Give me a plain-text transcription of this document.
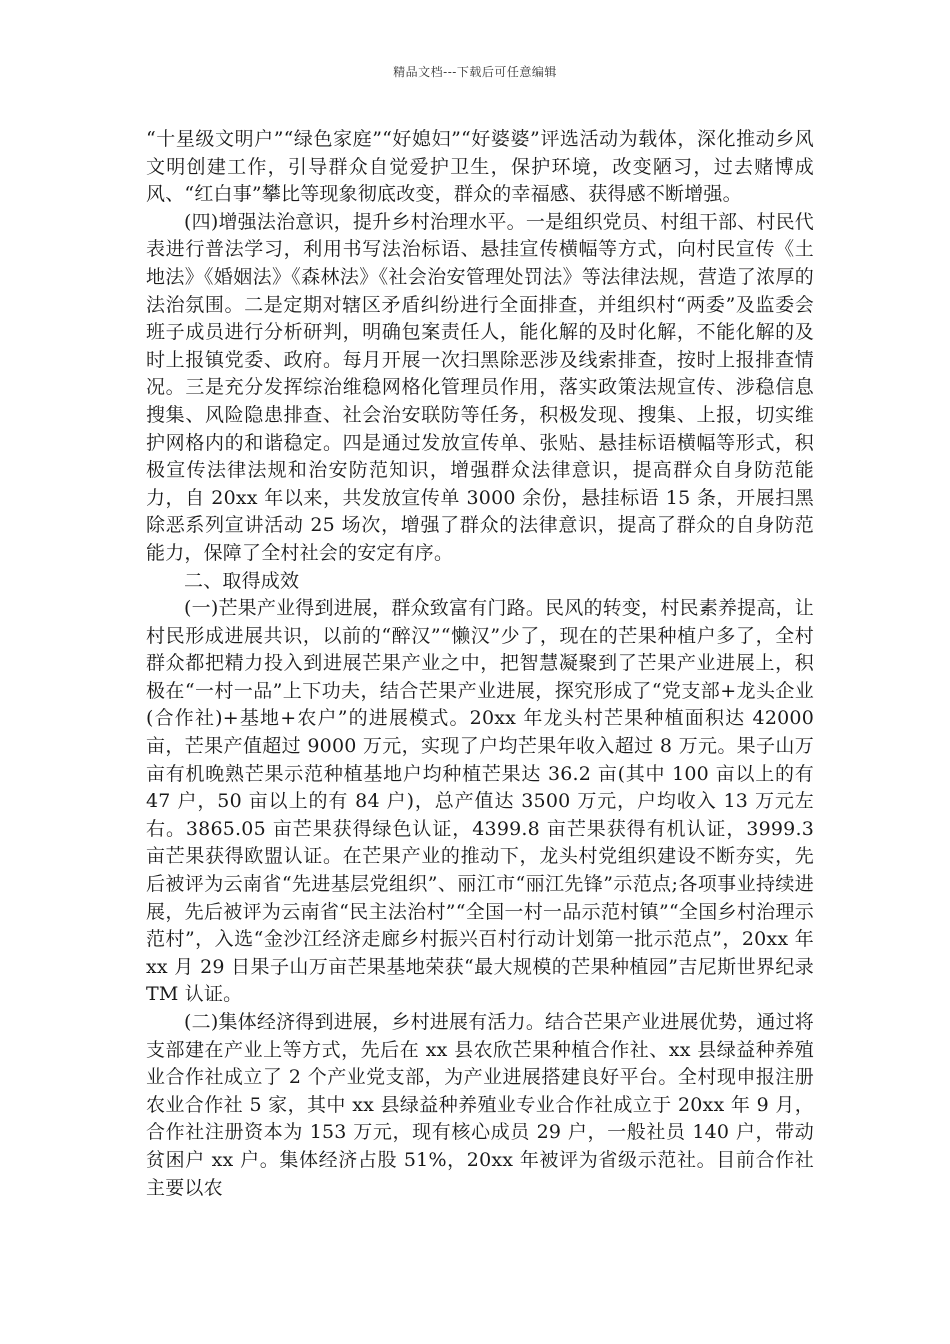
精品文档---下载后可任意编辑

“十星级文明户”“绿色家庭”“好媳妇”“好婆婆”评选活动为载体，深化推动乡风文明创建工作，引导群众自觉爱护卫生，保护环境，改变陋习，过去赌博成风、“红白事”攀比等现象彻底改变，群众的幸福感、获得感不断增强。

(四)增强法治意识，提升乡村治理水平。一是组织党员、村组干部、村民代表进行普法学习，利用书写法治标语、悬挂宣传横幅等方式，向村民宣传《土地法》《婚姻法》《森林法》《社会治安管理处罚法》等法律法规，营造了浓厚的法治氛围。二是定期对辖区矛盾纠纷进行全面排查，并组织村“两委”及监委会班子成员进行分析研判，明确包案责任人，能化解的及时化解，不能化解的及时上报镇党委、政府。每月开展一次扫黑除恶涉及线索排查，按时上报排查情况。三是充分发挥综治维稳网格化管理员作用，落实政策法规宣传、涉稳信息搜集、风险隐患排查、社会治安联防等任务，积极发现、搜集、上报，切实维护网格内的和谐稳定。四是通过发放宣传单、张贴、悬挂标语横幅等形式，积极宣传法律法规和治安防范知识，增强群众法律意识，提高群众自身防范能力，自 20xx 年以来，共发放宣传单 3000 余份，悬挂标语 15 条，开展扫黑除恶系列宣讲活动 25 场次，增强了群众的法律意识，提高了群众的自身防范能力，保障了全村社会的安定有序。

二、取得成效

(一)芒果产业得到进展，群众致富有门路。民风的转变，村民素养提高，让村民形成进展共识，以前的“醉汉”“懒汉”少了，现在的芒果种植户多了，全村群众都把精力投入到进展芒果产业之中，把智慧凝聚到了芒果产业进展上，积极在“一村一品”上下功夫，结合芒果产业进展，探究形成了“党支部+龙头企业(合作社)+基地+农户”的进展模式。20xx 年龙头村芒果种植面积达 42000 亩，芒果产值超过 9000 万元，实现了户均芒果年收入超过 8 万元。果子山万亩有机晚熟芒果示范种植基地户均种植芒果达 36.2 亩(其中 100 亩以上的有 47 户，50 亩以上的有 84 户)，总产值达 3500 万元，户均收入 13 万元左右。3865.05 亩芒果获得绿色认证，4399.8 亩芒果获得有机认证，3999.3 亩芒果获得欧盟认证。在芒果产业的推动下，龙头村党组织建设不断夯实，先后被评为云南省“先进基层党组织”、丽江市“丽江先锋”示范点;各项事业持续进展，先后被评为云南省“民主法治村”“全国一村一品示范村镇”“全国乡村治理示范村”，入选“金沙江经济走廊乡村振兴百村行动计划第一批示范点”，20xx 年 xx 月 29 日果子山万亩芒果基地荣获“最大规模的芒果种植园”吉尼斯世界纪录 TM 认证。

(二)集体经济得到进展，乡村进展有活力。结合芒果产业进展优势，通过将支部建在产业上等方式，先后在 xx 县农欣芒果种植合作社、xx 县绿益种养殖业合作社成立了 2 个产业党支部，为产业进展搭建良好平台。全村现申报注册农业合作社 5 家，其中 xx 县绿益种养殖业专业合作社成立于 20xx 年 9 月，合作社注册资本为 153 万元，现有核心成员 29 户，一般社员 140 户，带动贫困户 xx 户。集体经济占股 51%，20xx 年被评为省级示范社。目前合作社主要以农
